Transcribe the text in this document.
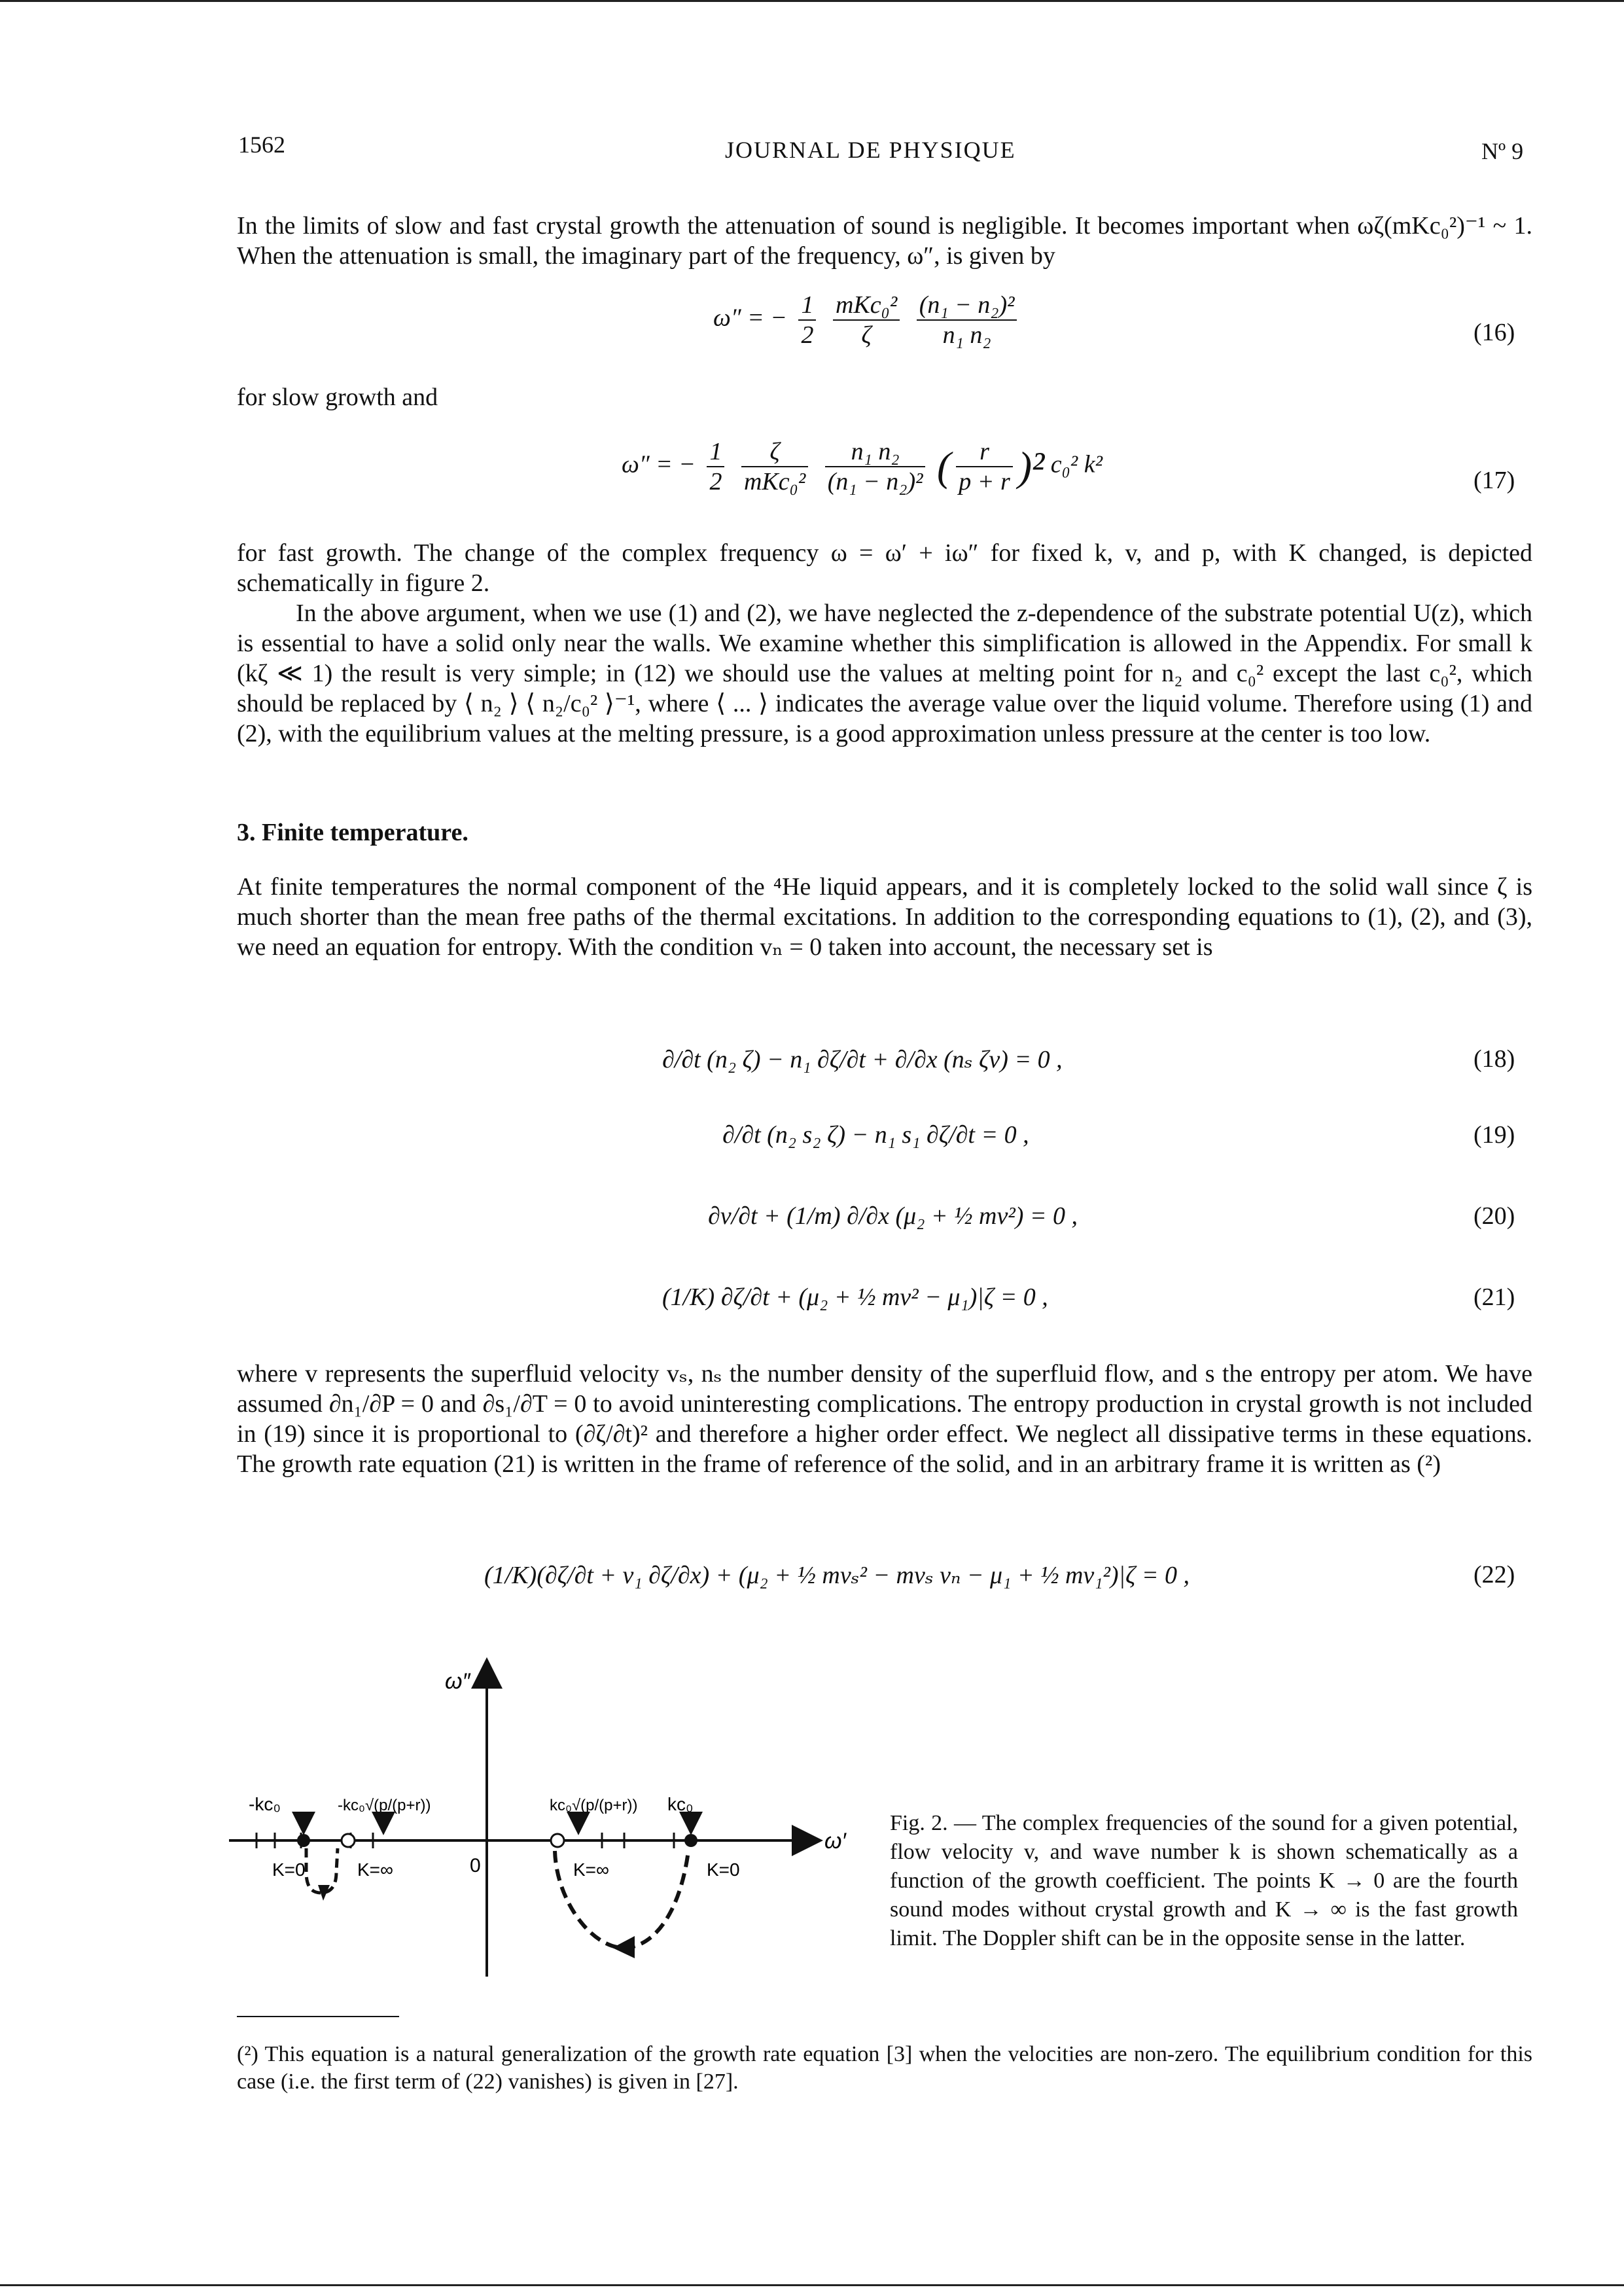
1562	JOURNAL DE PHYSIQUE	Nº 9
In the limits of slow and fast crystal growth the attenuation of sound is negligible. It becomes important when ωζ(mKc₀²)⁻¹ ~ 1. When the attenuation is small, the imaginary part of the frequency, ω″, is given by
ω″ = − $\frac{1}{2}$
$\frac{\text{mKc₀²}}{\zeta}$
$\frac{\text{(n₁ − n₂)²}}{\text{n₁ n₂}}$	(16)
for slow growth and
ω″ = − $\frac{1}{2}$
$\frac{\zeta}{\text{mKc₀²}}$
$\frac{\text{n₁ n₂}}{\text{(n₁ − n₂)²}}$ ( $\frac{r}{p + r} )^2$ c₀² k²
(17)
for fast growth. The change of the complex frequency ω = ω′ + iω″ for fixed k, v, and p, with K changed, is depicted schematically in figure 2.
In the above argument, when we use (1) and (2), we have neglected the z-dependence of the substrate potential U(z), which is essential to have a solid only near the walls. We examine whether this simplification is allowed in the Appendix. For small k (kζ ≪ 1) the result is very simple; in (12) we should use the values at melting point for n₂ and c₀² except the last c₀², which should be replaced by ⟨ n₂ ⟩ ⟨ n₂/c₀² ⟩⁻¹, where ⟨ ... ⟩ indicates the average value over the liquid volume. Therefore using (1) and (2), with the equilibrium values at the melting pressure, is a good approximation unless pressure at the center is too low.
3. Finite temperature.
At finite temperatures the normal component of the ⁴He liquid appears, and it is completely locked to the solid wall since ζ is much shorter than the mean free paths of the thermal excitations. In addition to the corresponding equations to (1), (2), and (3), we need an equation for entropy. With the condition vₙ = 0 taken into account, the necessary set is
∂/∂t (n₂ ζ) − n₁ ∂ζ/∂t + ∂/∂x (nₛ ζv) = 0 ,	(18)
∂/∂t (n₂ s₂ ζ) − n₁ s₁ ∂ζ/∂t = 0 ,	(19)
∂v/∂t + (1/m) ∂/∂x (μ₂ + ½ mv²) = 0 ,	(20)
(1/K) ∂ζ/∂t + (μ₂ + ½ mv² − μ₁)|ζ = 0 ,	(21)
where v represents the superfluid velocity vₛ, nₛ the number density of the superfluid flow, and s the entropy per atom. We have assumed ∂n₁/∂P = 0 and ∂s₁/∂T = 0 to avoid uninteresting complications. The entropy production in crystal growth is not included in (19) since it is proportional to (∂ζ/∂t)² and therefore a higher order effect. We neglect all dissipative terms in these equations. The growth rate equation (21) is written in the frame of reference of the solid, and in an arbitrary frame it is written as (²)
(1/K)(∂ζ/∂t + v₁ ∂ζ/∂x) + (μ₂ + ½ mvₛ² − mvₛ vₙ − μ₁ + ½ mv₁²)|ζ = 0 ,	(22)
ω″
ω′
0
-kc₀	-kc₀√(p/(p+r))	kc₀√(p/(p+r)) kc₀
K=0	K=∞	K=∞	K=0
Fig. 2. — The complex frequencies of the sound for a given potential, flow velocity v, and wave number k is shown schematically as a function of the growth coefficient. The points K → 0 are the fourth sound modes without crystal growth and K → ∞ is the fast growth limit. The Doppler shift can be in the opposite sense in the latter.
(²) This equation is a natural generalization of the growth rate equation [3] when the velocities are non-zero. The equilibrium condition for this case (i.e. the first term of (22) vanishes) is given in [27].
